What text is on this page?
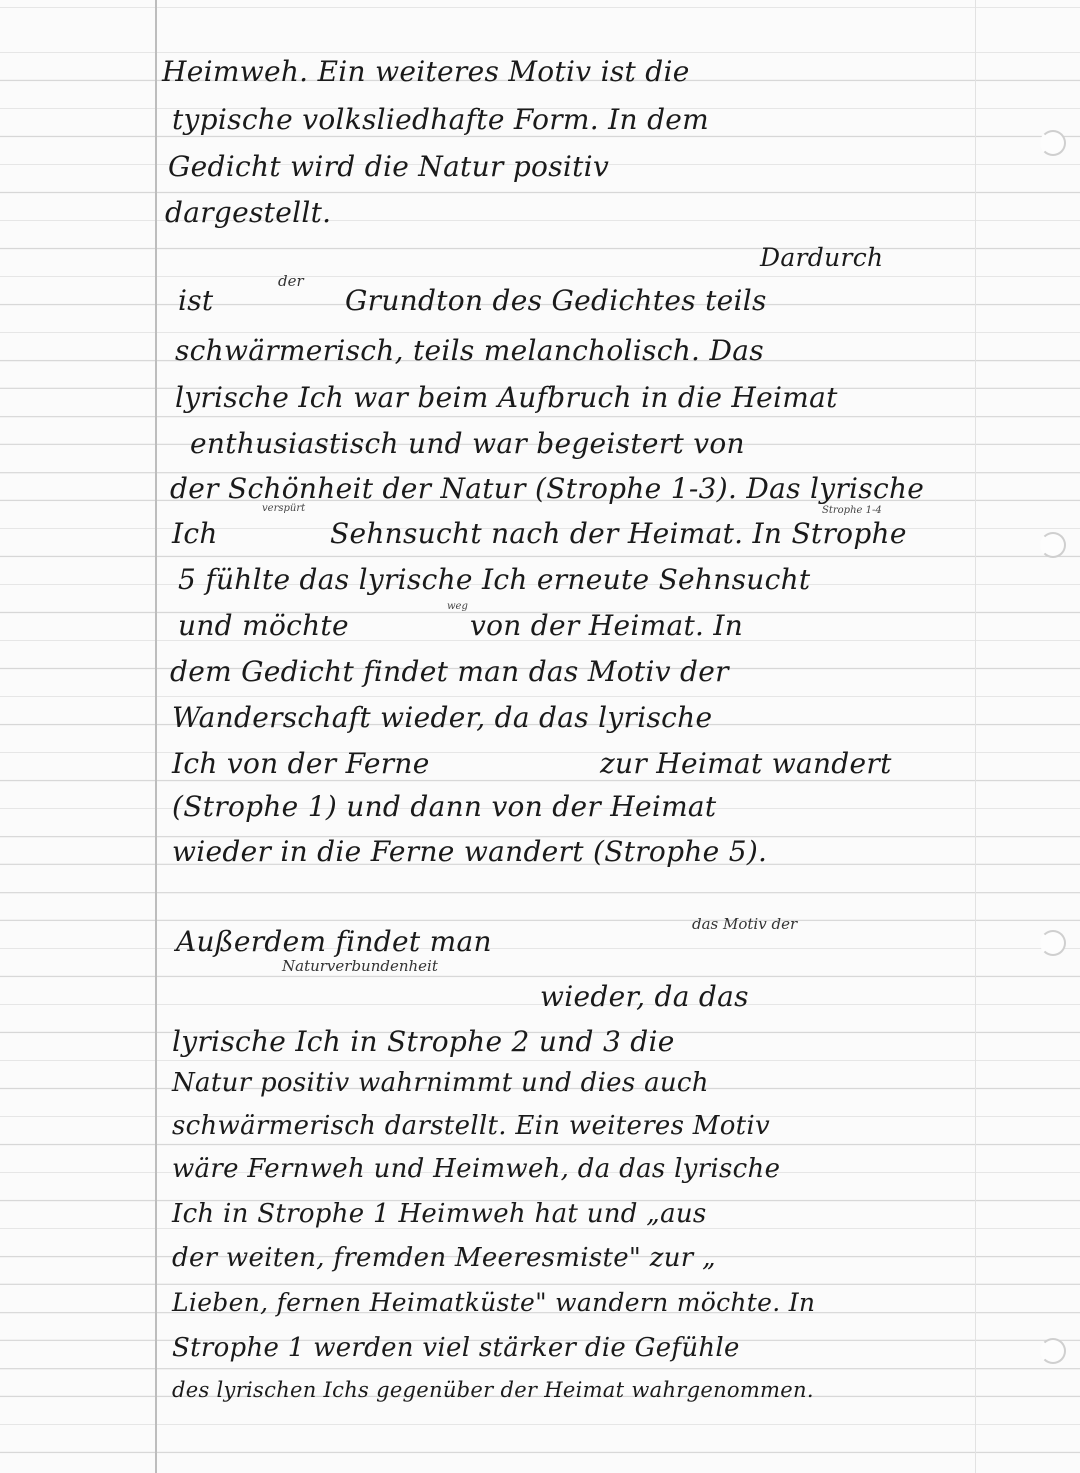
Heimweh. Ein weiteres Motiv ist die
typische volksliedhafte Form. In dem
Gedicht wird die Natur positiv
dargestellt.
Dardurch
ist
der
Grundton des Gedichtes teils
schwärmerisch, teils melancholisch. Das
lyrische Ich war beim Aufbruch in die Heimat
enthusiastisch und war begeistert von
der Schönheit der Natur (Strophe 1-3). Das lyrische
verspürt	Strophe 1-4
Ich	Sehnsucht nach der Heimat. In Strophe
5 fühlte das lyrische Ich erneute Sehnsucht
und möchte
weg
von der Heimat. In
dem Gedicht findet man das Motiv der
Wanderschaft wieder, da das lyrische
Ich von der Ferne	zur Heimat wandert
(Strophe 1) und dann von der Heimat
wieder in die Ferne wandert (Strophe 5).
das Motiv der
Außerdem findet man
Naturverbundenheit
wieder, da das
lyrische Ich in Strophe 2 und 3 die
Natur positiv wahrnimmt und dies auch
schwärmerisch darstellt. Ein weiteres Motiv
wäre Fernweh und Heimweh, da das lyrische
Ich in Strophe 1 Heimweh hat und „aus
der weiten, fremden Meeresmiste" zur „
Lieben, fernen Heimatküste" wandern möchte. In
Strophe 1 werden viel stärker die Gefühle
des lyrischen Ichs gegenüber der Heimat wahrgenommen.
